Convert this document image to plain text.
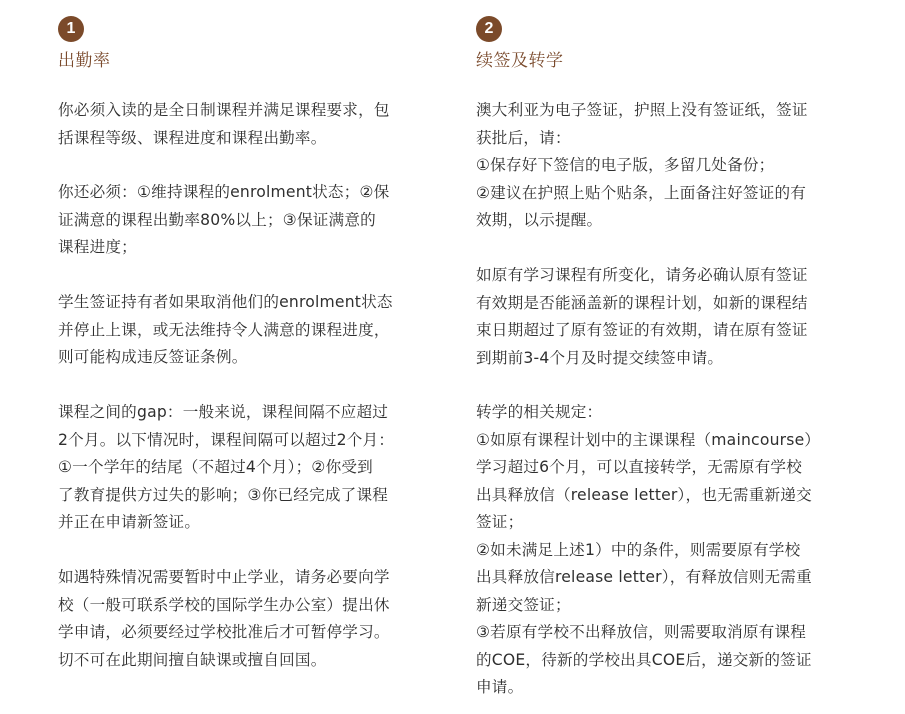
1
出勤率

你必须入读的是全日制课程并满足课程要求，包
括课程等级、课程进度和课程出勤率。

你还必须：①维持课程的enrolment状态；②保
证满意的课程出勤率80%以上；③保证满意的
课程进度；

学生签证持有者如果取消他们的enrolment状态
并停止上课，或无法维持令人满意的课程进度，
则可能构成违反签证条例。

课程之间的gap：一般来说，课程间隔不应超过
2个月。以下情况时，课程间隔可以超过2个月：
①一个学年的结尾（不超过4个月）；②你受到
了教育提供方过失的影响；③你已经完成了课程
并正在申请新签证。

如遇特殊情况需要暂时中止学业，请务必要向学
校（一般可联系学校的国际学生办公室）提出休
学申请，必须要经过学校批准后才可暂停学习。
切不可在此期间擅自缺课或擅自回国。

2
续签及转学

澳大利亚为电子签证，护照上没有签证纸，签证
获批后，请：
①保存好下签信的电子版，多留几处备份；
②建议在护照上贴个贴条，上面备注好签证的有
效期，以示提醒。

如原有学习课程有所变化，请务必确认原有签证
有效期是否能涵盖新的课程计划，如新的课程结
束日期超过了原有签证的有效期，请在原有签证
到期前3-4个月及时提交续签申请。

转学的相关规定：
①如原有课程计划中的主课课程（maincourse）
学习超过6个月，可以直接转学，无需原有学校
出具释放信（release letter），也无需重新递交
签证；
②如未满足上述1）中的条件，则需要原有学校
出具释放信release letter），有释放信则无需重
新递交签证；
③若原有学校不出释放信，则需要取消原有课程
的COE，待新的学校出具COE后，递交新的签证
申请。
